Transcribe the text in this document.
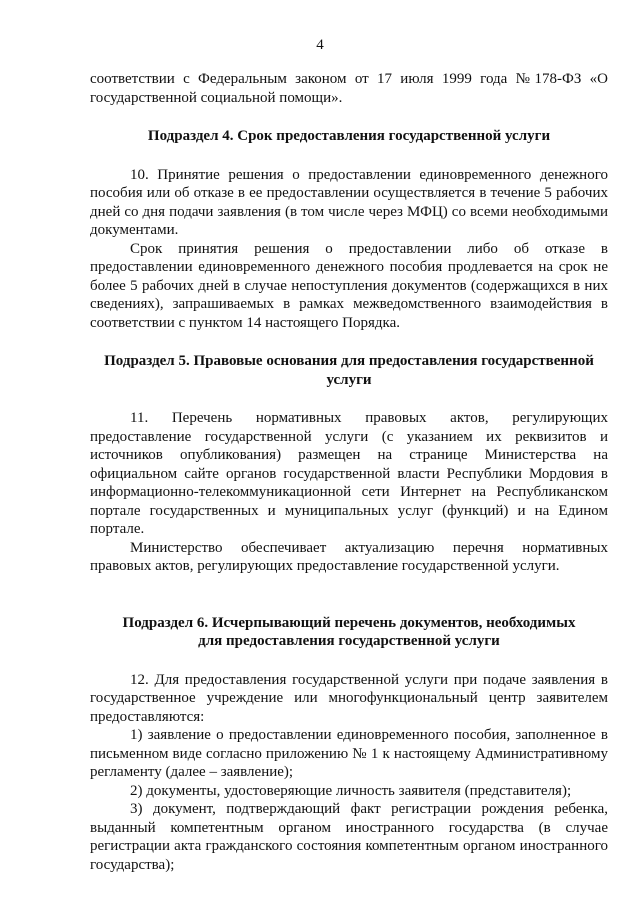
4

соответствии с Федеральным законом от 17 июля 1999 года №178-ФЗ «О государственной социальной помощи».

Подраздел 4. Срок предоставления государственной услуги

10. Принятие решения о предоставлении единовременного денежного пособия или об отказе в ее предоставлении осуществляется в течение 5 рабочих дней со дня подачи заявления (в том числе через МФЦ) со всеми необходимыми документами.

Срок принятия решения о предоставлении либо об отказе в предоставлении единовременного денежного пособия продлевается на срок не более 5 рабочих дней в случае непоступления документов (содержащихся в них сведениях), запрашиваемых в рамках межведомственного взаимодействия в соответствии с пунктом 14 настоящего Порядка.

Подраздел 5. Правовые основания для предоставления государственной
услуги

11. Перечень нормативных правовых актов, регулирующих предоставление государственной услуги (с указанием их реквизитов и источников опубликования) размещен на странице Министерства на официальном сайте органов государственной власти Республики Мордовия в информационно-телекоммуникационной сети Интернет на Республиканском портале государственных и муниципальных услуг (функций) и на Едином портале.

Министерство обеспечивает актуализацию перечня нормативных правовых актов, регулирующих предоставление государственной услуги.

Подраздел 6. Исчерпывающий перечень документов, необходимых
для предоставления государственной услуги

12. Для предоставления государственной услуги при подаче заявления в государственное учреждение или многофункциональный центр заявителем предоставляются:

1) заявление о предоставлении единовременного пособия, заполненное в письменном виде согласно приложению № 1 к настоящему Административному регламенту (далее – заявление);

2) документы, удостоверяющие личность заявителя (представителя);

3) документ, подтверждающий факт регистрации рождения ребенка, выданный компетентным органом иностранного государства (в случае регистрации акта гражданского состояния компетентным органом иностранного государства);
